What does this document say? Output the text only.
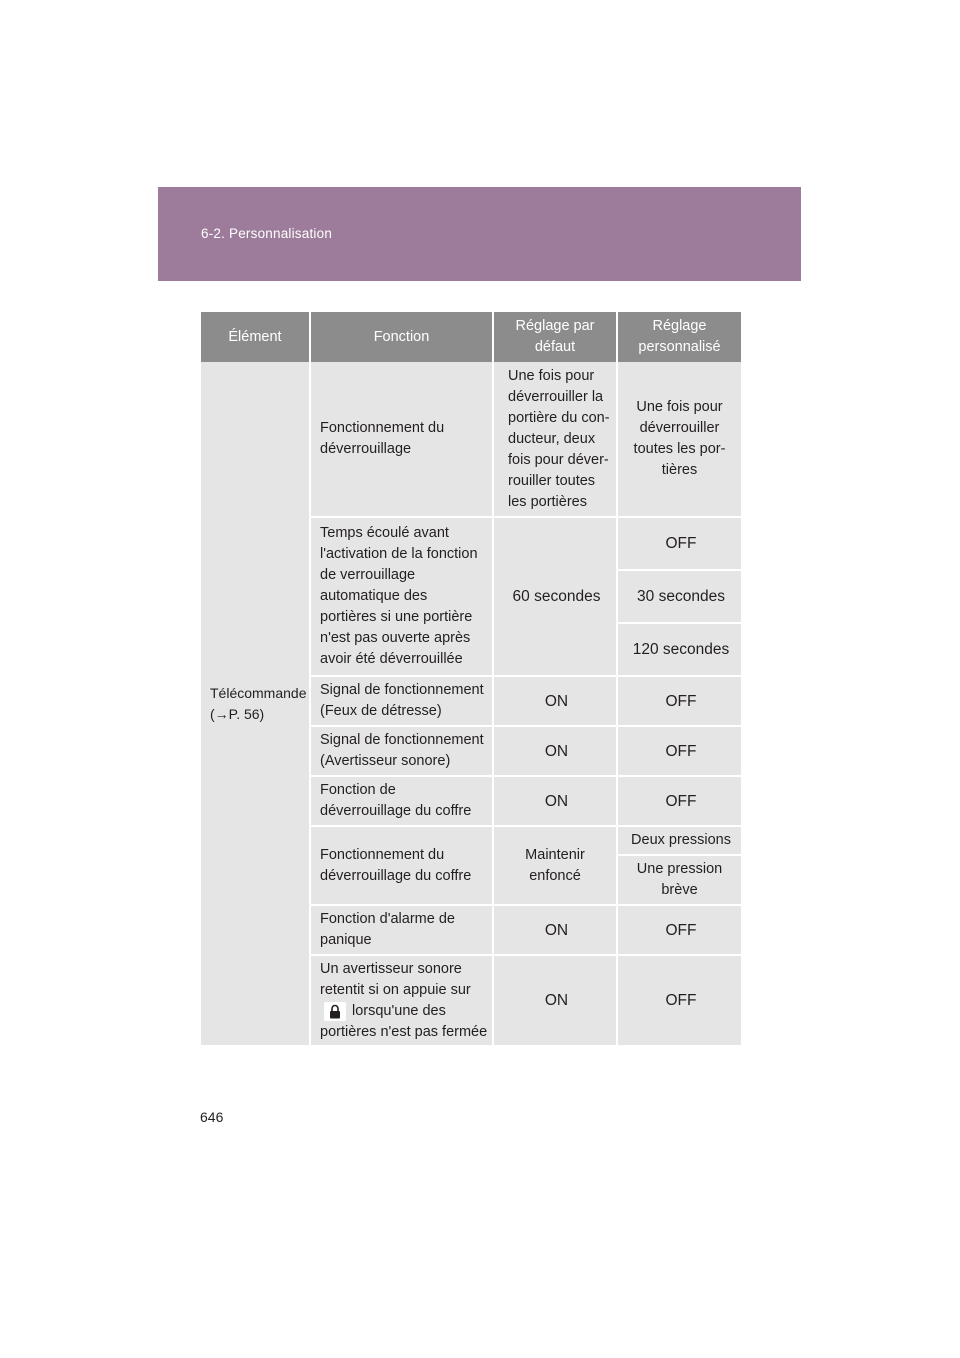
6-2. Personnalisation
Élément	Fonction	Réglage par défaut	Réglage personnalisé

Télécommande
(→P. 56)	Fonctionnement du déverrouillage	Une fois pour déverrouiller la portière du con-ducteur, deux fois pour déver-rouiller toutes les portières	Une fois pour déverrouiller toutes les por-tières
	Temps écoulé avant l'activation de la fonction de verrouillage automatique des portières si une portière n'est pas ouverte après avoir été déverrouillée	60 secondes	OFF
			30 secondes
			120 secondes
	Signal de fonctionnement (Feux de détresse)	ON	OFF
	Signal de fonctionnement (Avertisseur sonore)	ON	OFF
	Fonction de déverrouillage du coffre	ON	OFF
	Fonctionnement du déverrouillage du coffre	Maintenir enfoncé	Deux pressions
			Une pression brève
	Fonction d'alarme de panique	ON	OFF
	Un avertisseur sonore retentit si on appuie sur lorsqu'une des portières n'est pas fermée	ON	OFF
646
